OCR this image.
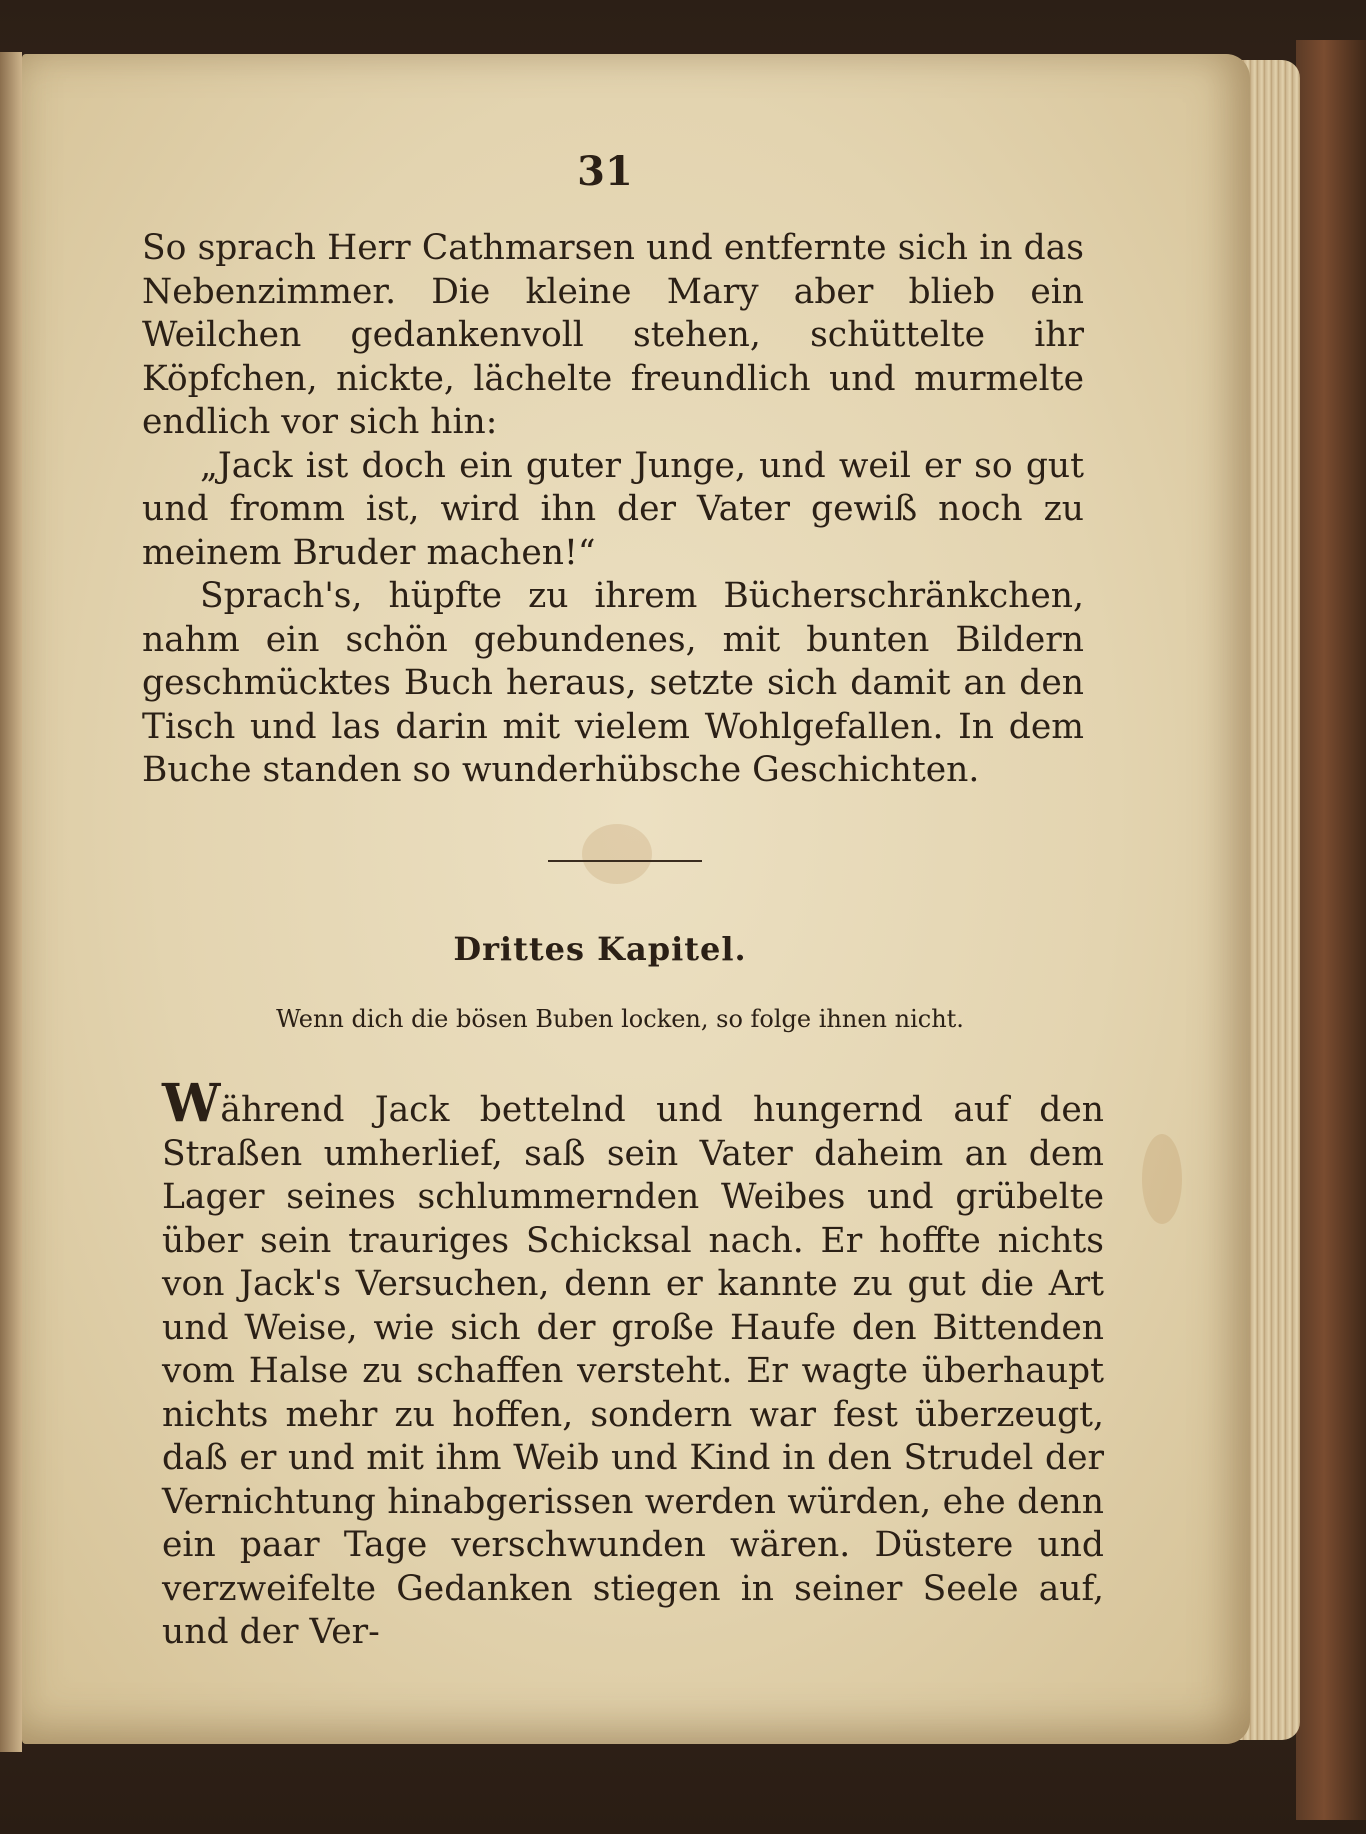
31

So sprach Herr Cathmarsen und entfernte sich in das Nebenzimmer. Die kleine Mary aber blieb ein Weilchen gedankenvoll stehen, schüttelte ihr Köpfchen, nickte, lächelte freundlich und murmelte endlich vor sich hin:

„Jack ist doch ein guter Junge, und weil er so gut und fromm ist, wird ihn der Vater gewiß noch zu meinem Bruder machen!“

Sprach's, hüpfte zu ihrem Bücherschränkchen, nahm ein schön gebundenes, mit bunten Bildern geschmücktes Buch heraus, setzte sich damit an den Tisch und las darin mit vielem Wohlgefallen. In dem Buche standen so wunderhübsche Geschichten.

Drittes Kapitel.
Wenn dich die bösen Buben locken, so folge ihnen nicht.

Während Jack bettelnd und hungernd auf den Straßen umherlief, saß sein Vater daheim an dem Lager seines schlummernden Weibes und grübelte über sein trauriges Schicksal nach. Er hoffte nichts von Jack's Versuchen, denn er kannte zu gut die Art und Weise, wie sich der große Haufe den Bittenden vom Halse zu schaffen versteht. Er wagte überhaupt nichts mehr zu hoffen, sondern war fest überzeugt, daß er und mit ihm Weib und Kind in den Strudel der Vernichtung hinabgerissen werden würden, ehe denn ein paar Tage verschwunden wären. Düstere und verzweifelte Gedanken stiegen in seiner Seele auf, und der Ver-
